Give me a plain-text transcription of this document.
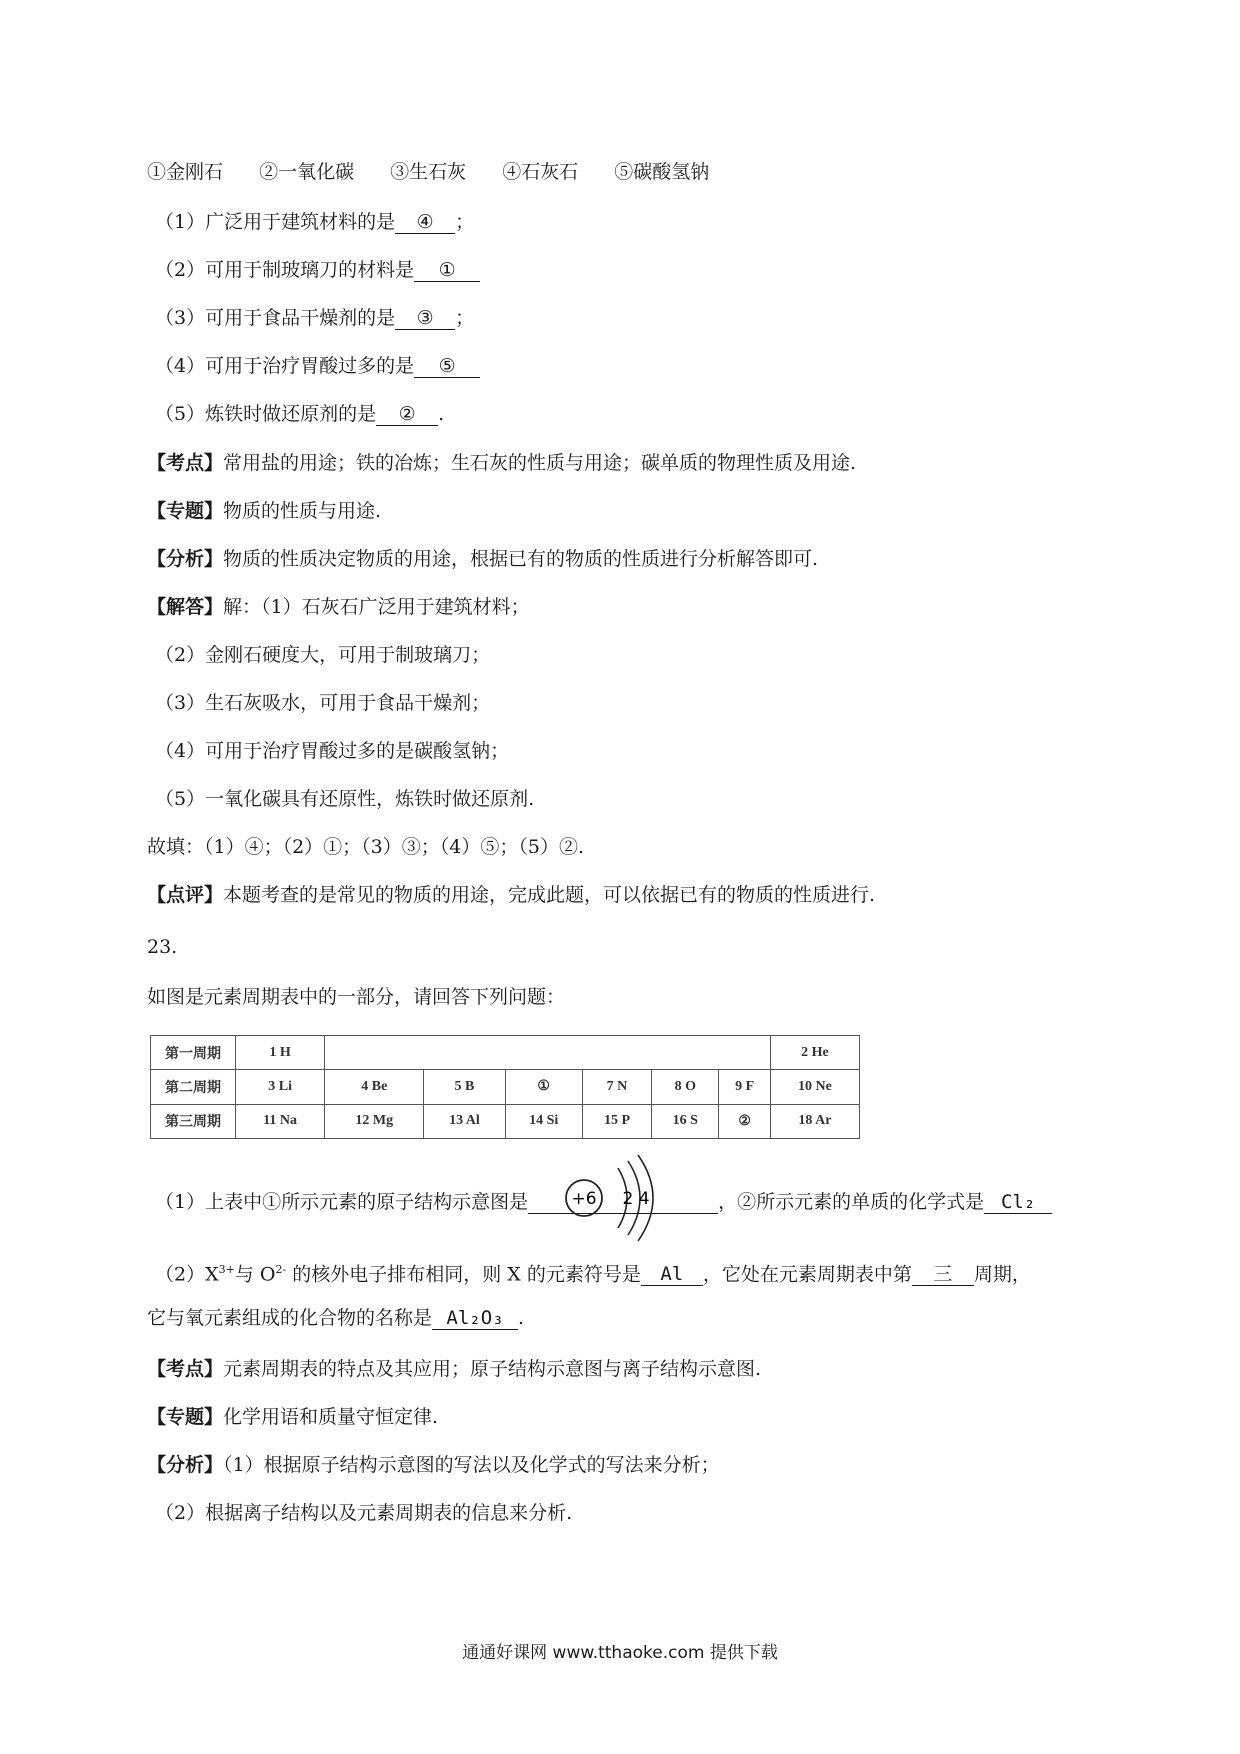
①金刚石 ②一氧化碳 ③生石灰 ④石灰石 ⑤碳酸氢钠
（1）广泛用于建筑材料的是 ④ ；
（2）可用于制玻璃刀的材料是 ①
（3）可用于食品干燥剂的是 ③ ；
（4）可用于治疗胃酸过多的是 ⑤
（5）炼铁时做还原剂的是 ② .
【考点】常用盐的用途；铁的冶炼；生石灰的性质与用途；碳单质的物理性质及用途.
【专题】物质的性质与用途.
【分析】物质的性质决定物质的用途，根据已有的物质的性质进行分析解答即可.
【解答】解：（1）石灰石广泛用于建筑材料；
（2）金刚石硬度大，可用于制玻璃刀；
（3）生石灰吸水，可用于食品干燥剂；
（4）可用于治疗胃酸过多的是碳酸氢钠；
（5）一氧化碳具有还原性，炼铁时做还原剂.
故填：（1）④；（2）①；（3）③；（4）⑤；（5）②.
【点评】本题考查的是常见的物质的用途，完成此题，可以依据已有的物质的性质进行.
23.
如图是元素周期表中的一部分，请回答下列问题：
第一周期	1 H							2 He
第二周期	3 Li	4 Be	5 B	①	7 N	8 O	9 F	10 Ne
第三周期	11 Na	12 Mg	13 Al	14 Si	15 P	16 S	②	18 Ar
（1）上表中①所示元素的原子结构示意图是	+6 2 4	，②所示元素的单质的化学式是 Cl₂
$(2)X^{3+}$与 $O^{2-}$ 的核外电子排布相同，则 X 的元素符号是 Al ，它处在元素周期表中第 三 周期，
它与氧元素组成的化合物的名称是 Al₂O₃ .
【考点】元素周期表的特点及其应用；原子结构示意图与离子结构示意图.
【专题】化学用语和质量守恒定律.
【分析】（1）根据原子结构示意图的写法以及化学式的写法来分析；
（2）根据离子结构以及元素周期表的信息来分析.
通通好课网 www.tthaoke.com 提供下载
